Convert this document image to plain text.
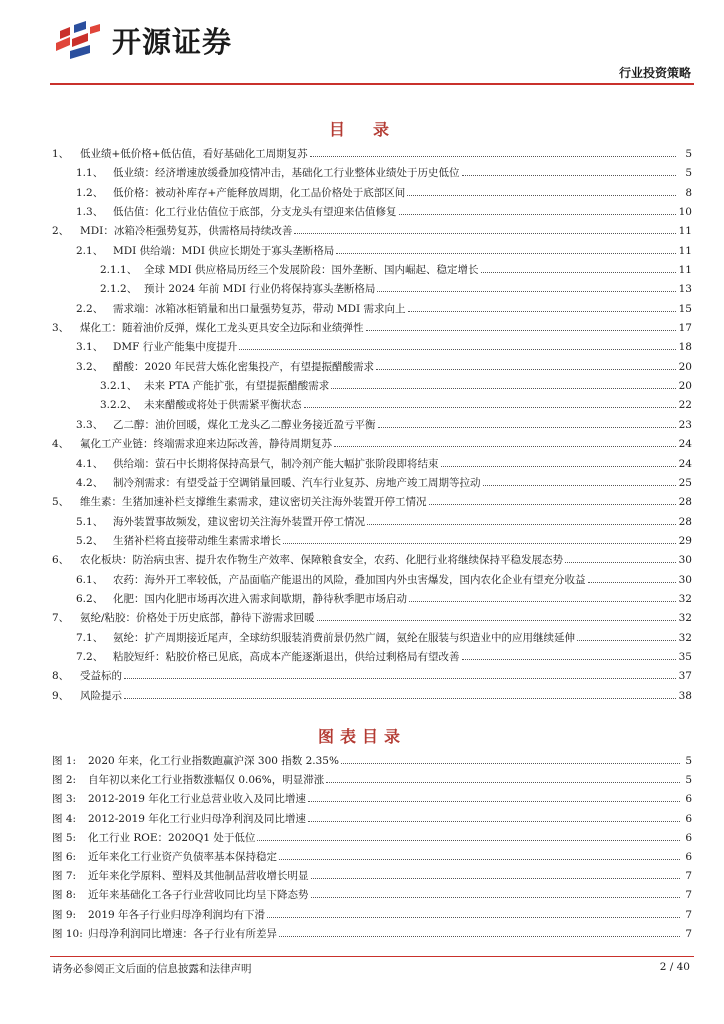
开源证券
行业投资策略
目　录
1、	低业绩+低价格+低估值，看好基础化工周期复苏	5
1.1、 低业绩：经济增速放缓叠加疫情冲击，基础化工行业整体业绩处于历史低位	5
1.2、 低价格：被动补库存+产能释放周期，化工品价格处于底部区间	8
1.3、 低估值：化工行业估值位于底部，分支龙头有望迎来估值修复	10
2、	MDI：冰箱冷柜强势复苏，供需格局持续改善	11
2.1、 MDI 供给端：MDI 供应长期处于寡头垄断格局	11
2.1.1、 全球 MDI 供应格局历经三个发展阶段：国外垄断、国内崛起、稳定增长	11
2.1.2、 预计 2024 年前 MDI 行业仍将保持寡头垄断格局	13
2.2、 需求端：冰箱冰柜销量和出口量强势复苏，带动 MDI 需求向上	15
3、	煤化工：随着油价反弹，煤化工龙头更具安全边际和业绩弹性	17
3.1、 DMF 行业产能集中度提升	18
3.2、 醋酸：2020 年民营大炼化密集投产，有望提振醋酸需求	20
3.2.1、 未来 PTA 产能扩张，有望提振醋酸需求	20
3.2.2、 未来醋酸或将处于供需紧平衡状态	22
3.3、 乙二醇：油价回暖，煤化工龙头乙二醇业务接近盈亏平衡	23
4、	氟化工产业链：终端需求迎来边际改善，静待周期复苏	24
4.1、 供给端：萤石中长期将保持高景气，制冷剂产能大幅扩张阶段即将结束	24
4.2、 制冷剂需求：有望受益于空调销量回暖、汽车行业复苏、房地产竣工周期等拉动	25
5、	维生素：生猪加速补栏支撑维生素需求，建议密切关注海外装置开停工情况	28
5.1、 海外装置事故频发，建议密切关注海外装置开停工情况	28
5.2、 生猪补栏将直接带动维生素需求增长	29
6、	农化板块：防治病虫害、提升农作物生产效率、保障粮食安全，农药、化肥行业将继续保持平稳发展态势	30
6.1、 农药：海外开工率较低，产品面临产能退出的风险，叠加国内外虫害爆发，国内农化企业有望充分收益	30
6.2、 化肥：国内化肥市场再次进入需求间歇期，静待秋季肥市场启动	32
7、	氨纶/粘胶：价格处于历史底部，静待下游需求回暖	32
7.1、 氨纶：扩产周期接近尾声，全球纺织服装消费前景仍然广阔，氨纶在服装与织造业中的应用继续延伸	32
7.2、 粘胶短纤：粘胶价格已见底，高成本产能逐渐退出，供给过剩格局有望改善	35
8、	受益标的	37
9、	风险提示	38
图表目录
图 1:	2020 年来，化工行业指数跑赢沪深 300 指数 2.35%	5
图 2:	自年初以来化工行业指数涨幅仅 0.06%，明显滞涨	5
图 3:	2012-2019 年化工行业总营业收入及同比增速	6
图 4:	2012-2019 年化工行业归母净利润及同比增速	6
图 5:	化工行业 ROE：2020Q1 处于低位	6
图 6:	近年来化工行业资产负债率基本保持稳定	6
图 7:	近年来化学原料、塑料及其他制品营收增长明显	7
图 8:	近年来基础化工各子行业营收同比均呈下降态势	7
图 9:	2019 年各子行业归母净利润均有下滑	7
图 10: 归母净利润同比增速：各子行业有所差异	7
请务必参阅正文后面的信息披露和法律声明	2 / 40
